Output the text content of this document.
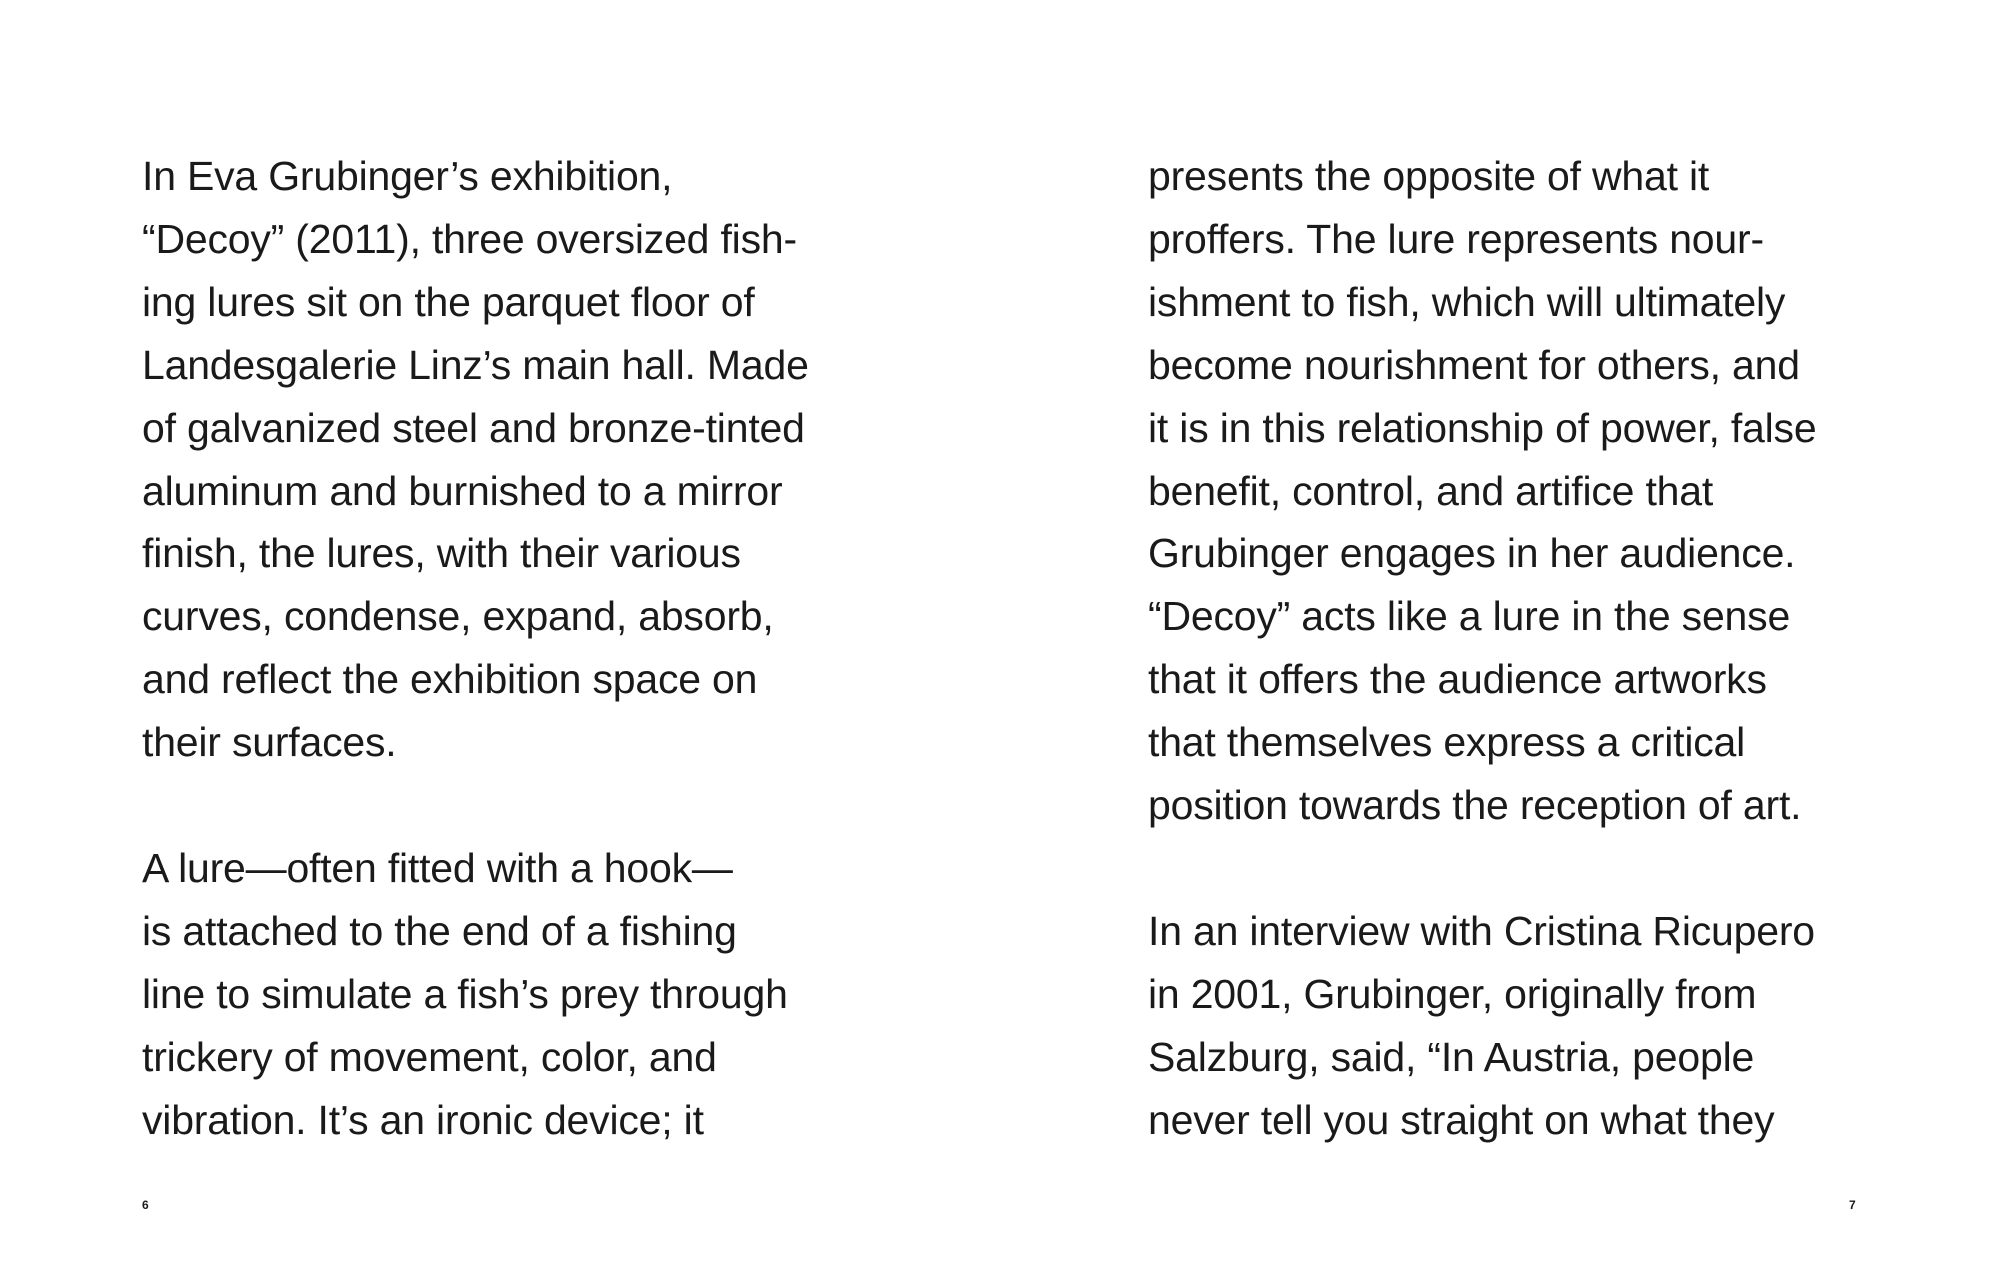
In Eva Grubinger’s exhibition,
“Decoy” (2011), three oversized fish-
ing lures sit on the parquet floor of
Landesgalerie Linz’s main hall. Made
of galvanized steel and bronze-tinted
aluminum and burnished to a mirror
finish, the lures, with their various
curves, condense, expand, absorb,
and reflect the exhibition space on
their surfaces.
A lure—often fitted with a hook—
is attached to the end of a fishing
line to simulate a fish’s prey through
trickery of movement, color, and
vibration. It’s an ironic device; it
6
presents the opposite of what it
proffers. The lure represents nour-
ishment to fish, which will ultimately
become nourishment for others, and
it is in this relationship of power, false
benefit, control, and artifice that
Grubinger engages in her audience.
“Decoy” acts like a lure in the sense
that it offers the audience artworks
that themselves express a critical
position towards the reception of art.
In an interview with Cristina Ricupero
in 2001, Grubinger, originally from
Salzburg, said, “In Austria, people
never tell you straight on what they
7
